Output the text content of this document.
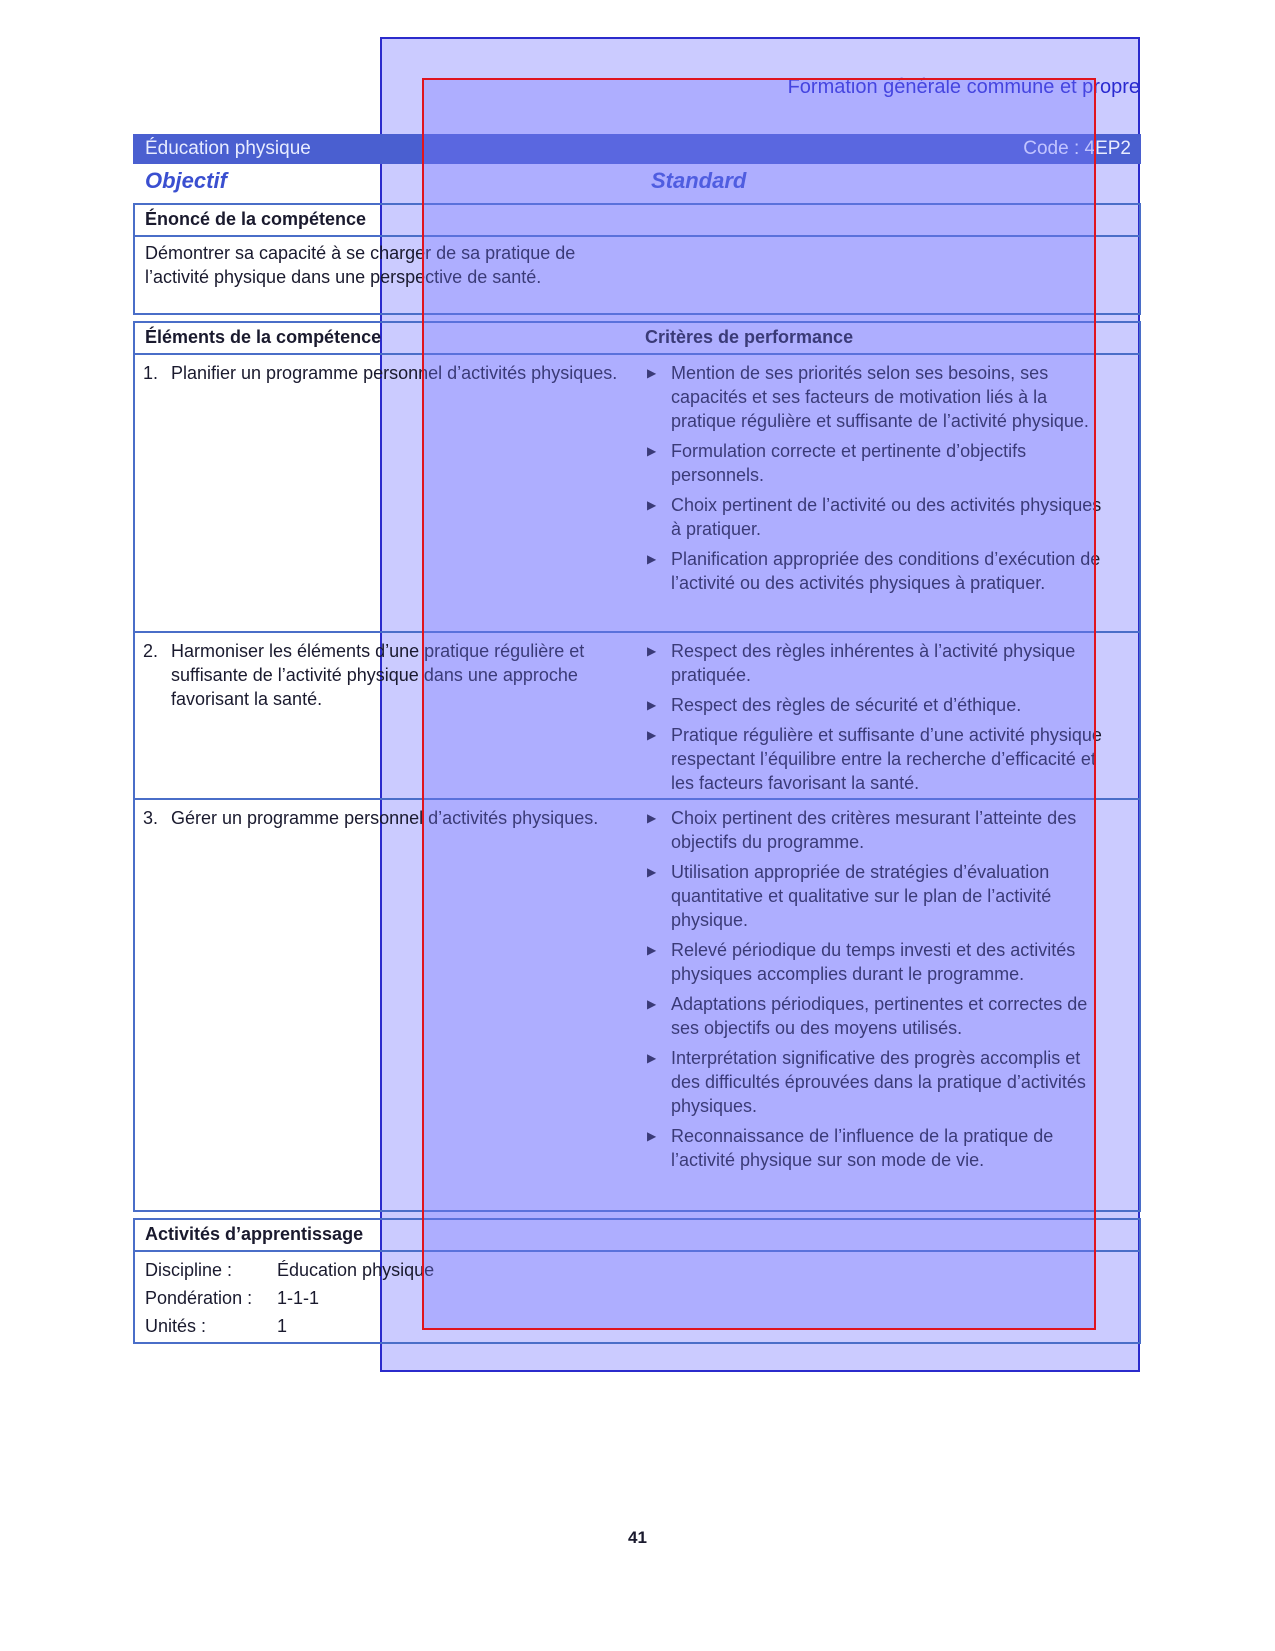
Formation générale commune et propre
Éducation physique	Code : 4EP2
Objectif	Standard
Énoncé de la compétence
Démontrer sa capacité à se charger de sa pratique de l’activité physique dans une perspective de santé.
Éléments de la compétence	Critères de performance
1. Planifier un programme personnel d’activités physiques.	▶ Mention de ses priorités selon ses besoins, ses capacités et ses facteurs de motivation liés à la pratique régulière et suffisante de l’activité physique.
▶ Formulation correcte et pertinente d’objectifs personnels.
▶ Choix pertinent de l’activité ou des activités physiques à pratiquer.
▶ Planification appropriée des conditions d’exécution de l’activité ou des activités physiques à pratiquer.
2. Harmoniser les éléments d’une pratique régulière et suffisante de l’activité physique dans une approche favorisant la santé.
▶ Respect des règles inhérentes à l’activité physique pratiquée.
▶ Respect des règles de sécurité et d’éthique.
▶ Pratique régulière et suffisante d’une activité physique respectant l’équilibre entre la recherche d’efficacité et les facteurs favorisant la santé.
3. Gérer un programme personnel d’activités physiques.	▶ Choix pertinent des critères mesurant l’atteinte des objectifs du programme.
▶ Utilisation appropriée de stratégies d’évaluation quantitative et qualitative sur le plan de l’activité physique.
▶ Relevé périodique du temps investi et des activités physiques accomplies durant le programme.
▶ Adaptations périodiques, pertinentes et correctes de ses objectifs ou des moyens utilisés.
▶ Interprétation significative des progrès accomplis et des difficultés éprouvées dans la pratique d’activités physiques.
▶ Reconnaissance de l’influence de la pratique de l’activité physique sur son mode de vie.
Activités d’apprentissage
Discipline : Éducation physique
Pondération : 1-1-1
Unités :	1
41
